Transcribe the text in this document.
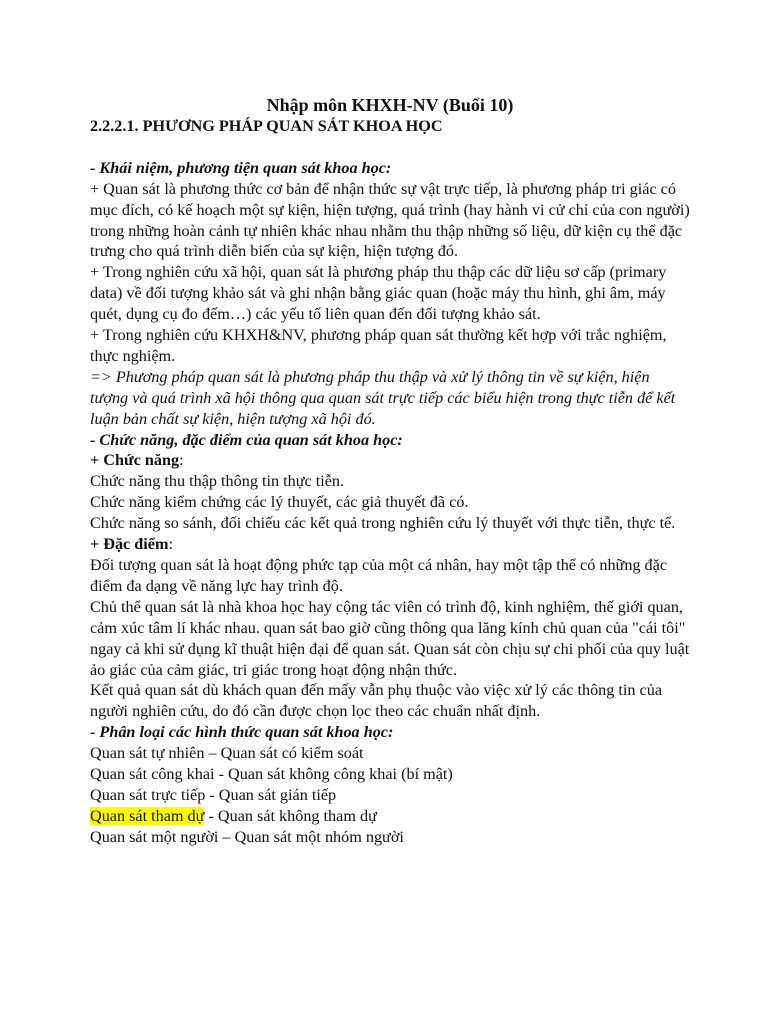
Nhập môn KHXH-NV (Buổi 10)
2.2.2.1. PHƯƠNG PHÁP QUAN SÁT KHOA HỌC
- Khái niệm, phương tiện quan sát khoa học:
+ Quan sát là phương thức cơ bản để nhận thức sự vật trực tiếp, là phương pháp tri giác có mục đích, có kế hoạch một sự kiện, hiện tượng, quá trình (hay hành vi cử chỉ của con người) trong những hoàn cảnh tự nhiên khác nhau nhằm thu thập những số liệu, dữ kiện cụ thể đặc trưng cho quá trình diễn biến của sự kiện, hiện tượng đó.
+ Trong nghiên cứu xã hội, quan sát là phương pháp thu thập các dữ liệu sơ cấp (primary data) về đối tượng khảo sát và ghi nhận bằng giác quan (hoặc máy thu hình, ghi âm, máy quét, dụng cụ đo đếm…) các yếu tố liên quan đến đối tượng khảo sát.
+ Trong nghiên cứu KHXH&NV, phương pháp quan sát thường kết hợp với trắc nghiệm, thực nghiệm.
=> Phương pháp quan sát là phương pháp thu thập và xử lý thông tin về sự kiện, hiện tượng và quá trình xã hội thông qua quan sát trực tiếp các biểu hiện trong thực tiễn để kết luận bản chất sự kiện, hiện tượng xã hội đó.
- Chức năng, đặc điểm của quan sát khoa học:
+ Chức năng:
Chức năng thu thập thông tin thực tiễn.
Chức năng kiểm chứng các lý thuyết, các giả thuyết đã có.
Chức năng so sánh, đối chiếu các kết quả trong nghiên cứu lý thuyết với thực tiễn, thực tế.
+ Đặc điểm:
Đối tượng quan sát là hoạt động phức tạp của một cá nhân, hay một tập thể có những đặc điểm đa dạng về năng lực hay trình độ.
Chủ thể quan sát là nhà khoa học hay cộng tác viên có trình độ, kinh nghiệm, thế giới quan, cảm xúc tâm lí khác nhau. quan sát bao giờ cũng thông qua lăng kính chủ quan của "cái tôi" ngay cả khi sử dụng kĩ thuật hiện đại để quan sát. Quan sát còn chịu sự chi phối của quy luật ảo giác của cảm giác, tri giác trong hoạt động nhận thức.
Kết quả quan sát dù khách quan đến mấy vẫn phụ thuộc vào việc xử lý các thông tin của người nghiên cứu, do đó cần được chọn lọc theo các chuẩn nhất định.
- Phân loại các hình thức quan sát khoa học:
Quan sát tự nhiên – Quan sát có kiểm soát
Quan sát công khai - Quan sát không công khai (bí mật)
Quan sát trực tiếp - Quan sát gián tiếp
Quan sát tham dự - Quan sát không tham dự
Quan sát một người – Quan sát một nhóm người
